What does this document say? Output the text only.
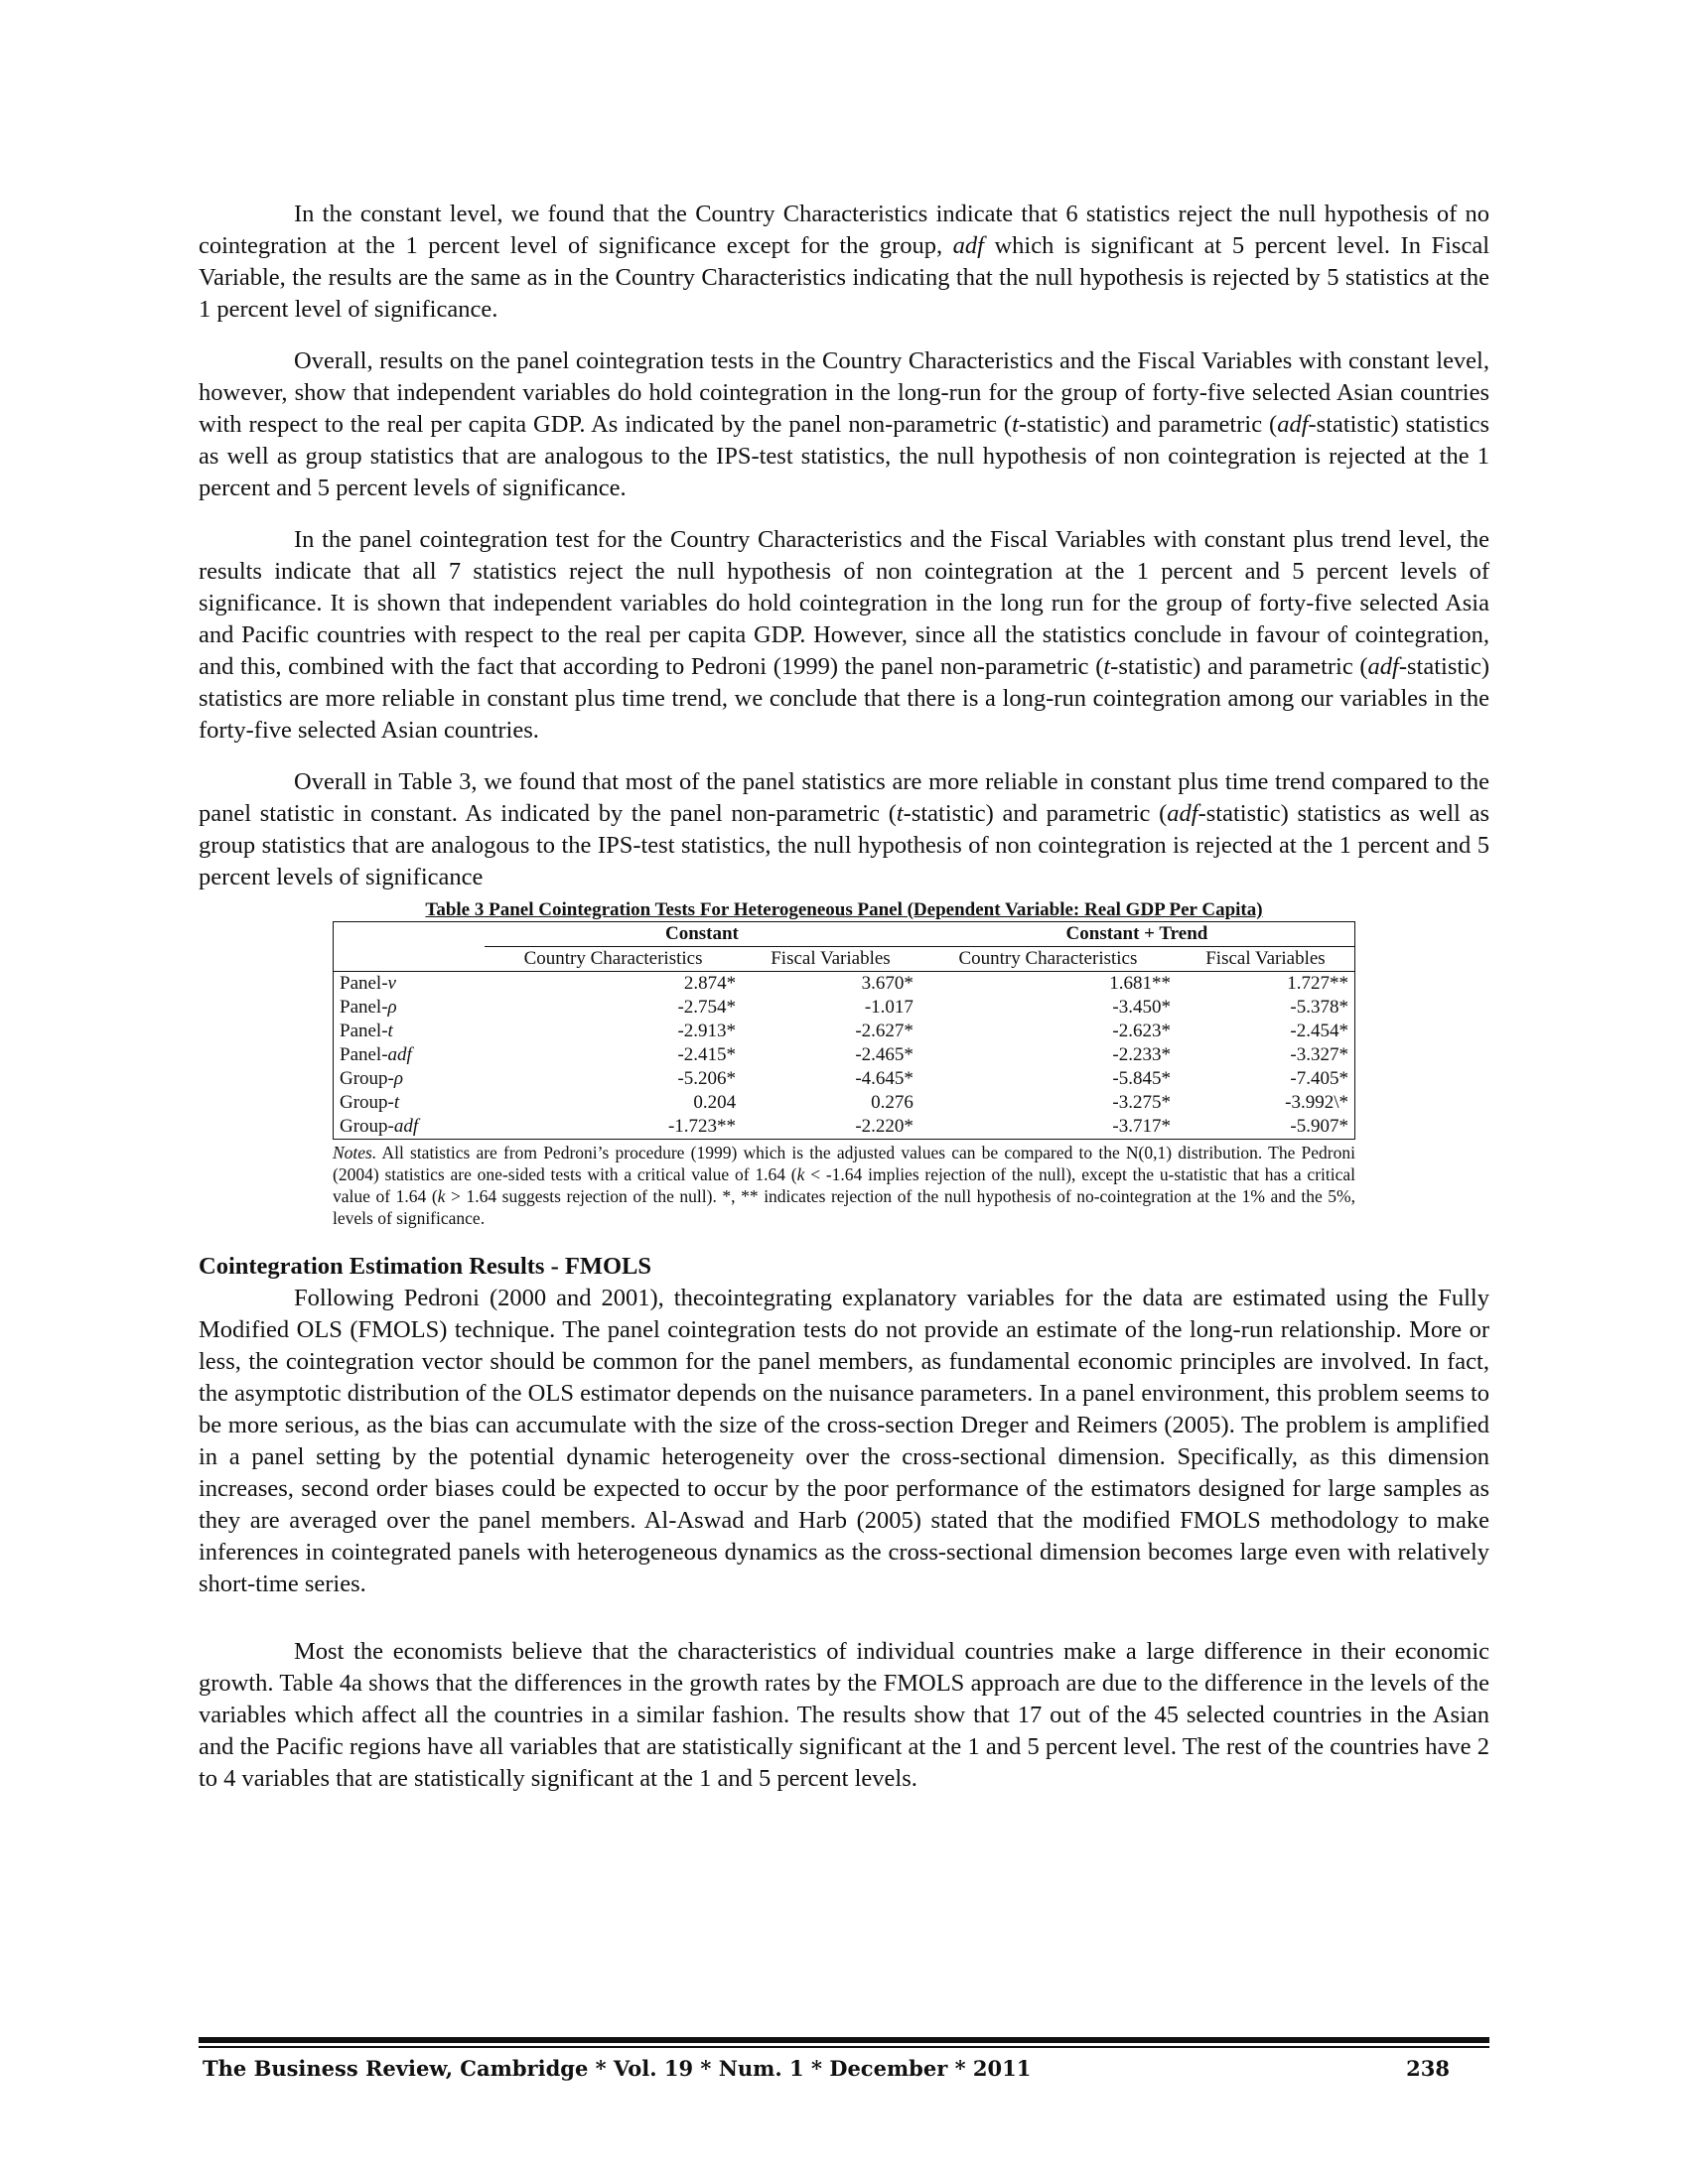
In the constant level, we found that the Country Characteristics indicate that 6 statistics reject the null hypothesis of no cointegration at the 1 percent level of significance except for the group, adf which is significant at 5 percent level. In Fiscal Variable, the results are the same as in the Country Characteristics indicating that the null hypothesis is rejected by 5 statistics at the 1 percent level of significance.

Overall, results on the panel cointegration tests in the Country Characteristics and the Fiscal Variables with constant level, however, show that independent variables do hold cointegration in the long-run for the group of forty-five selected Asian countries with respect to the real per capita GDP. As indicated by the panel non-parametric (t-statistic) and parametric (adf-statistic) statistics as well as group statistics that are analogous to the IPS-test statistics, the null hypothesis of non cointegration is rejected at the 1 percent and 5 percent levels of significance.

In the panel cointegration test for the Country Characteristics and the Fiscal Variables with constant plus trend level, the results indicate that all 7 statistics reject the null hypothesis of non cointegration at the 1 percent and 5 percent levels of significance. It is shown that independent variables do hold cointegration in the long run for the group of forty-five selected Asia and Pacific countries with respect to the real per capita GDP. However, since all the statistics conclude in favour of cointegration, and this, combined with the fact that according to Pedroni (1999) the panel non-parametric (t-statistic) and parametric (adf-statistic) statistics are more reliable in constant plus time trend, we conclude that there is a long-run cointegration among our variables in the forty-five selected Asian countries.

Overall in Table 3, we found that most of the panel statistics are more reliable in constant plus time trend compared to the panel statistic in constant. As indicated by the panel non-parametric (t-statistic) and parametric (adf-statistic) statistics as well as group statistics that are analogous to the IPS-test statistics, the null hypothesis of non cointegration is rejected at the 1 percent and 5 percent levels of significance

Table 3 Panel Cointegration Tests For Heterogeneous Panel (Dependent Variable: Real GDP Per Capita)
	Constant		Constant + Trend	
	Country Characteristics	Fiscal Variables	Country Characteristics	Fiscal Variables
Panel-v	2.874*	3.670*	1.681**	1.727**
Panel-ρ	-2.754*	-1.017	-3.450*	-5.378*
Panel-t	-2.913*	-2.627*	-2.623*	-2.454*
Panel-adf	-2.415*	-2.465*	-2.233*	-3.327*
Group-ρ	-5.206*	-4.645*	-5.845*	-7.405*
Group-t	0.204	0.276	-3.275*	-3.992\*
Group-adf	-1.723**	-2.220*	-3.717*	-5.907*
Notes. All statistics are from Pedroni’s procedure (1999) which is the adjusted values can be compared to the N(0,1) distribution. The Pedroni (2004) statistics are one-sided tests with a critical value of 1.64 (k < -1.64 implies rejection of the null), except the u-statistic that has a critical value of 1.64 (k > 1.64 suggests rejection of the null). *, ** indicates rejection of the null hypothesis of no-cointegration at the 1% and the 5%, levels of significance.
Cointegration Estimation Results - FMOLS

Following Pedroni (2000 and 2001), thecointegrating explanatory variables for the data are estimated using the Fully Modified OLS (FMOLS) technique. The panel cointegration tests do not provide an estimate of the long-run relationship. More or less, the cointegration vector should be common for the panel members, as fundamental economic principles are involved. In fact, the asymptotic distribution of the OLS estimator depends on the nuisance parameters. In a panel environment, this problem seems to be more serious, as the bias can accumulate with the size of the cross-section Dreger and Reimers (2005). The problem is amplified in a panel setting by the potential dynamic heterogeneity over the cross-sectional dimension. Specifically, as this dimension increases, second order biases could be expected to occur by the poor performance of the estimators designed for large samples as they are averaged over the panel members. Al-Aswad and Harb (2005) stated that the modified FMOLS methodology to make inferences in cointegrated panels with heterogeneous dynamics as the cross-sectional dimension becomes large even with relatively short-time series.

Most the economists believe that the characteristics of individual countries make a large difference in their economic growth. Table 4a shows that the differences in the growth rates by the FMOLS approach are due to the difference in the levels of the variables which affect all the countries in a similar fashion. The results show that 17 out of the 45 selected countries in the Asian and the Pacific regions have all variables that are statistically significant at the 1 and 5 percent level. The rest of the countries have 2 to 4 variables that are statistically significant at the 1 and 5 percent levels.

The Business Review, Cambridge * Vol. 19 * Num. 1 * December * 2011	238
